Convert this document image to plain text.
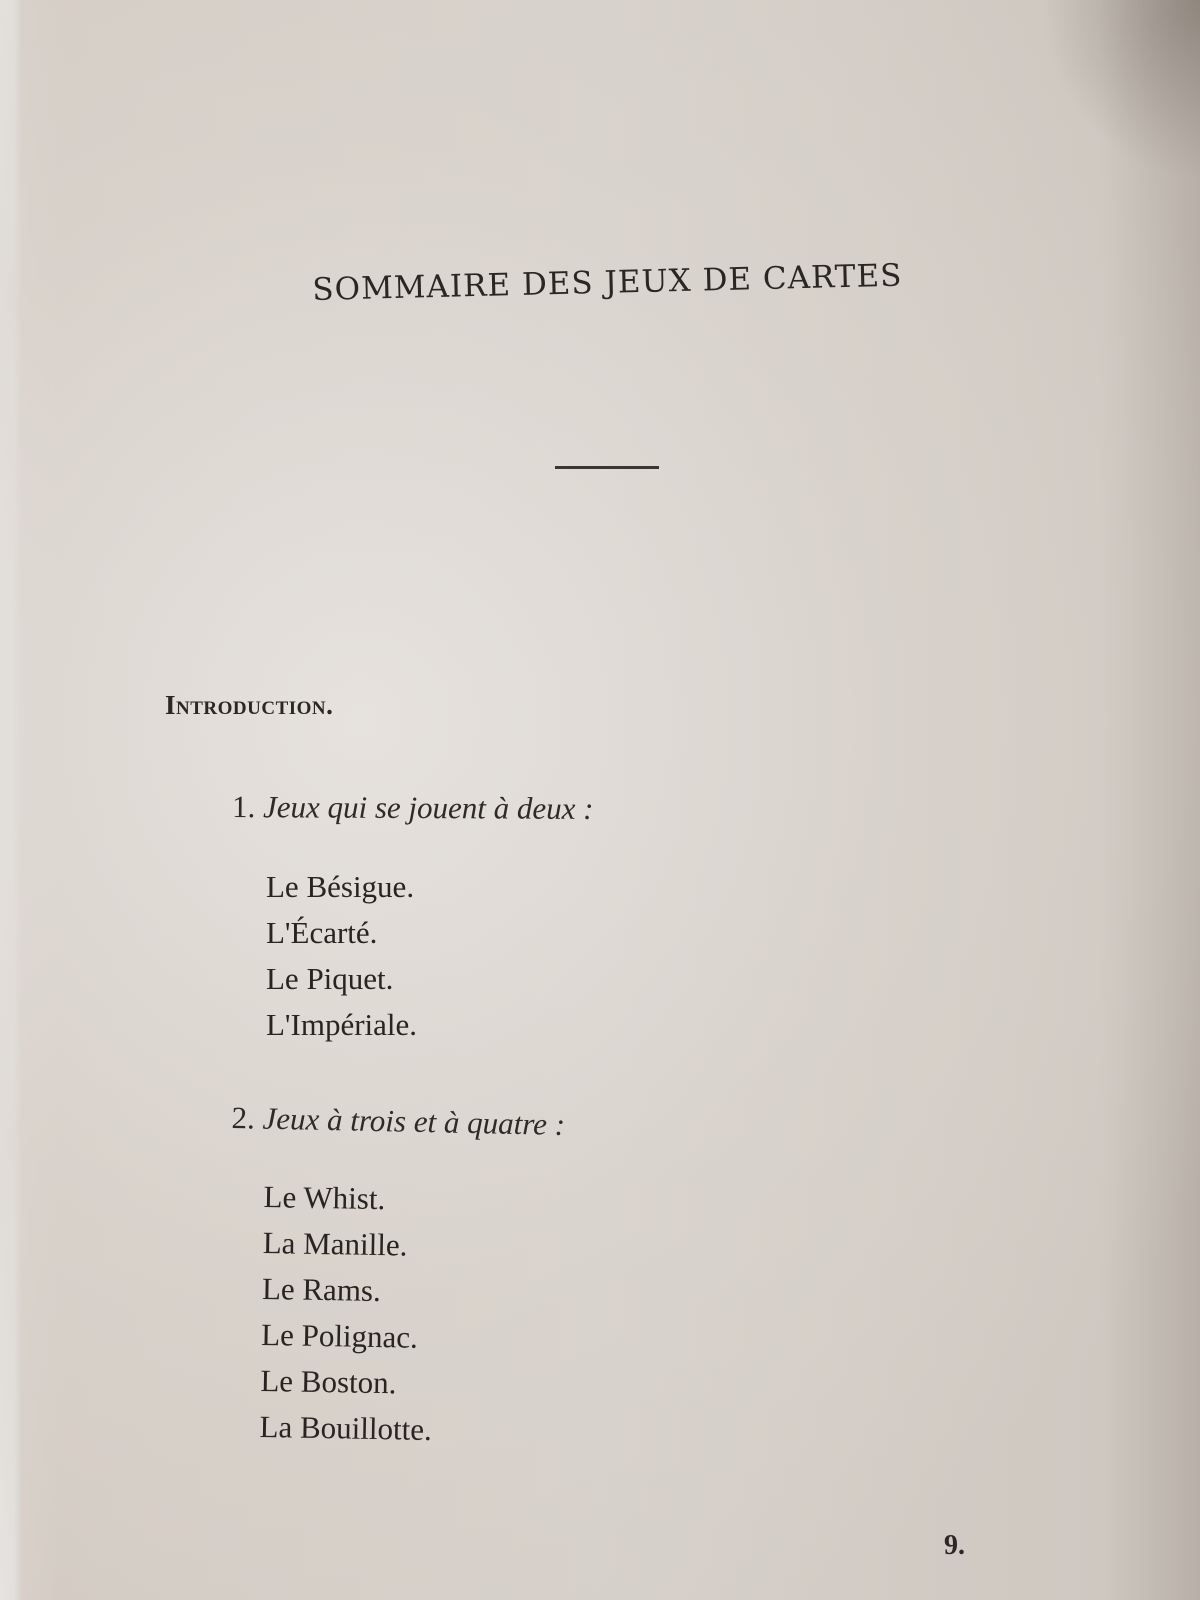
SOMMAIRE DES JEUX DE CARTES
Introduction.
1. Jeux qui se jouent à deux :
Le Bésigue.
L'Écarté.
Le Piquet.
L'Impériale.
2. Jeux à trois et à quatre :
Le Whist.
La Manille.
Le Rams.
Le Polignac.
Le Boston.
La Bouillotte.
9.
